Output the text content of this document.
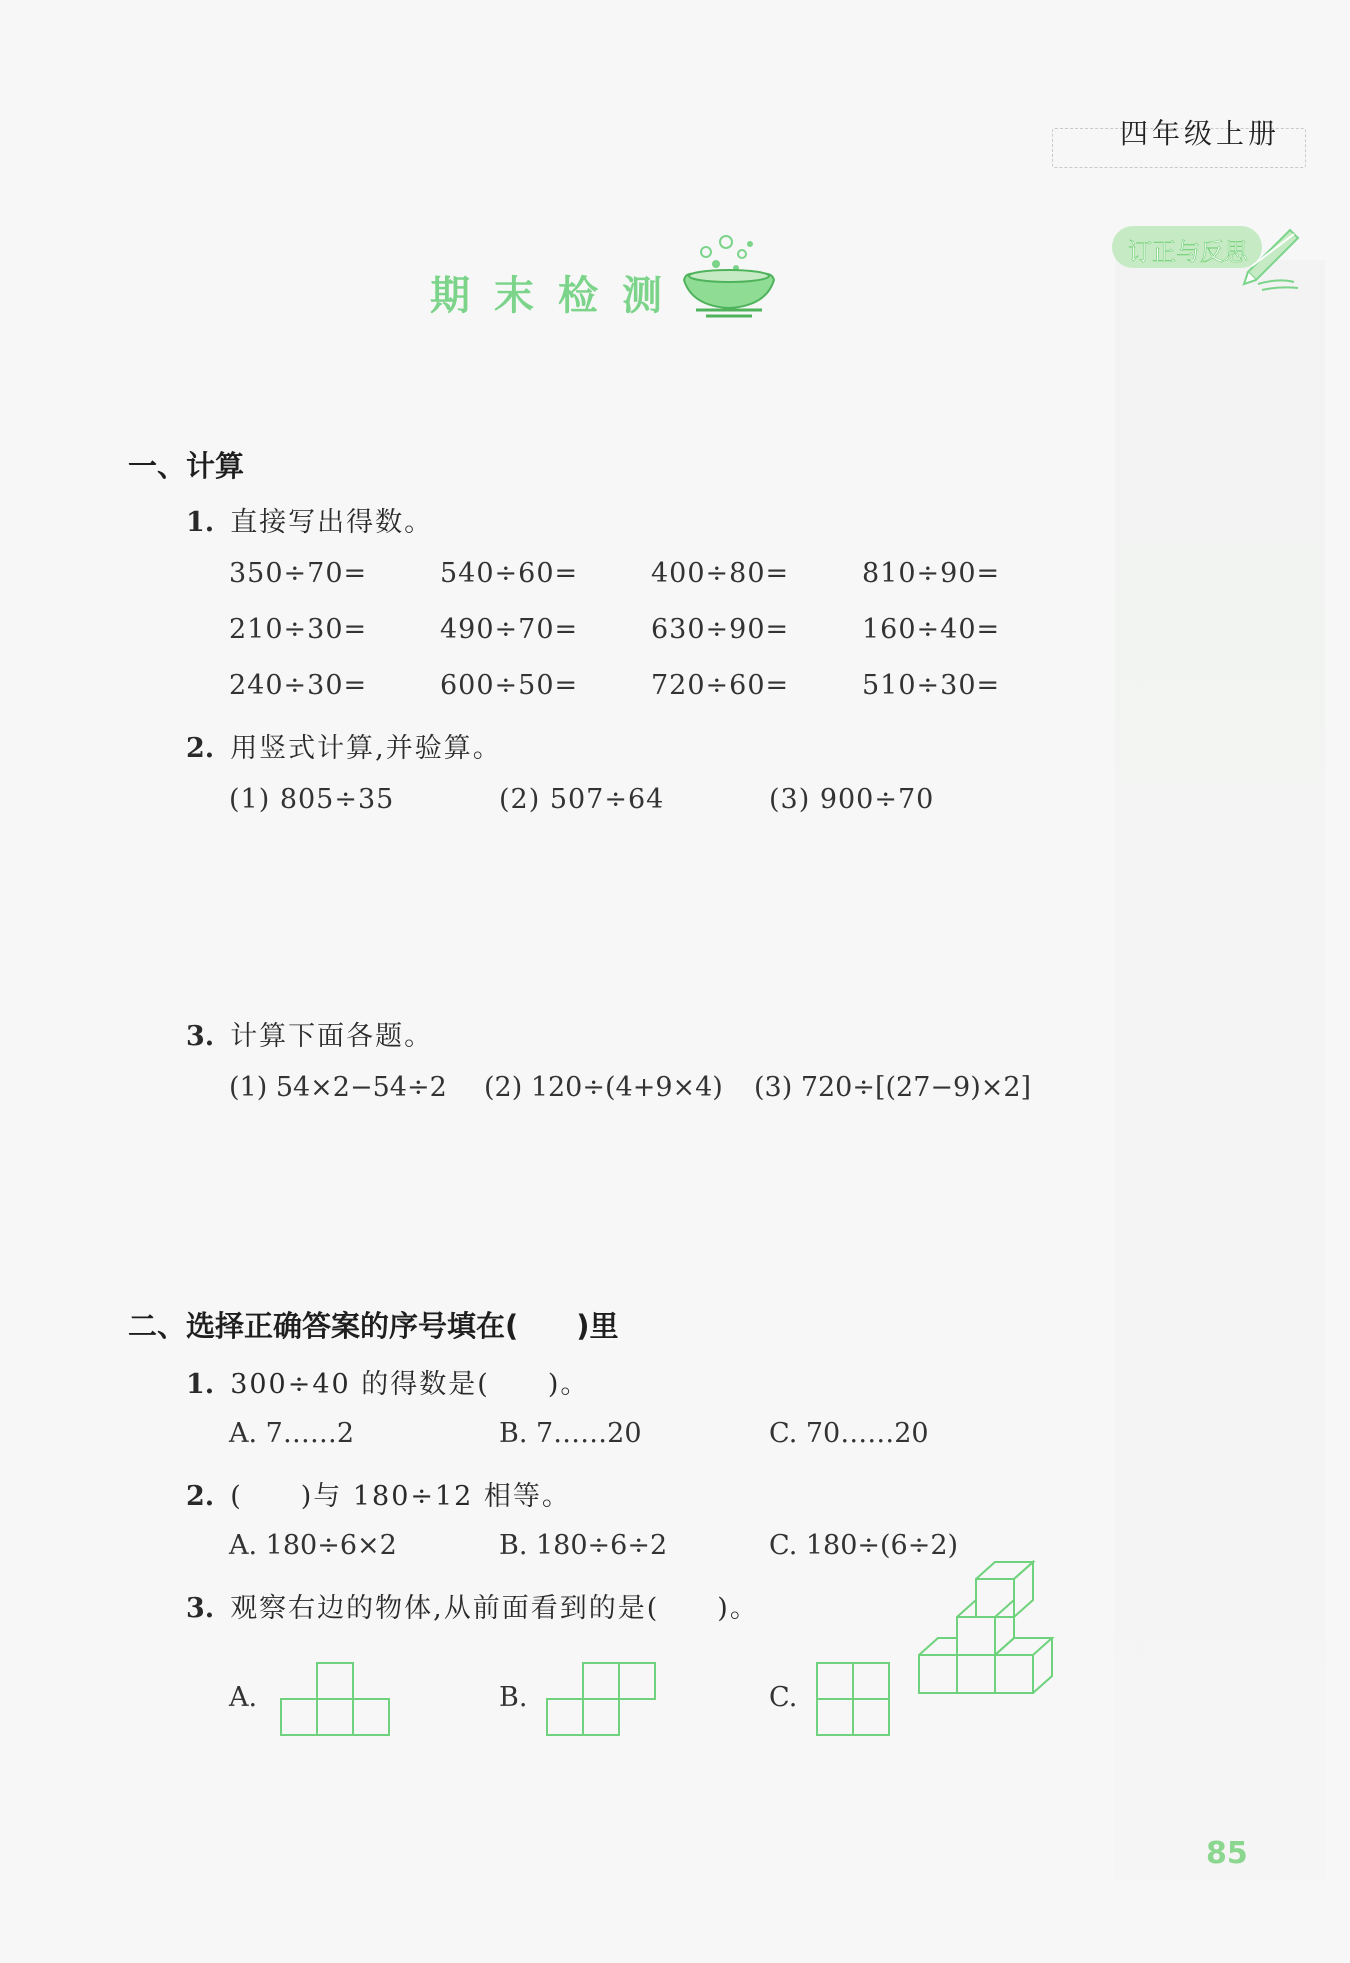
四年级上册
订正与反思
期末检测
一、计算
1. 直接写出得数。
350÷70=	540÷60=	400÷80=	810÷90=
210÷30=	490÷70=	630÷90=	160÷40=
240÷30=	600÷50=	720÷60=	510÷30=
2. 用竖式计算,并验算。
(1) 805÷35	(2) 507÷64	(3) 900÷70
3. 计算下面各题。
(1) 54×2−54÷2 (2) 120÷(4+9×4) (3) 720÷[(27−9)×2]
二、选择正确答案的序号填在(　　)里
1. 300÷40 的得数是(　　)。
A. 7……2	B. 7……20	C. 70……20
2. (　　)与 180÷12 相等。
A. 180÷6×2	B. 180÷6÷2	C. 180÷(6÷2)
3. 观察右边的物体,从前面看到的是(　　)。
A.	B.	C.
85
